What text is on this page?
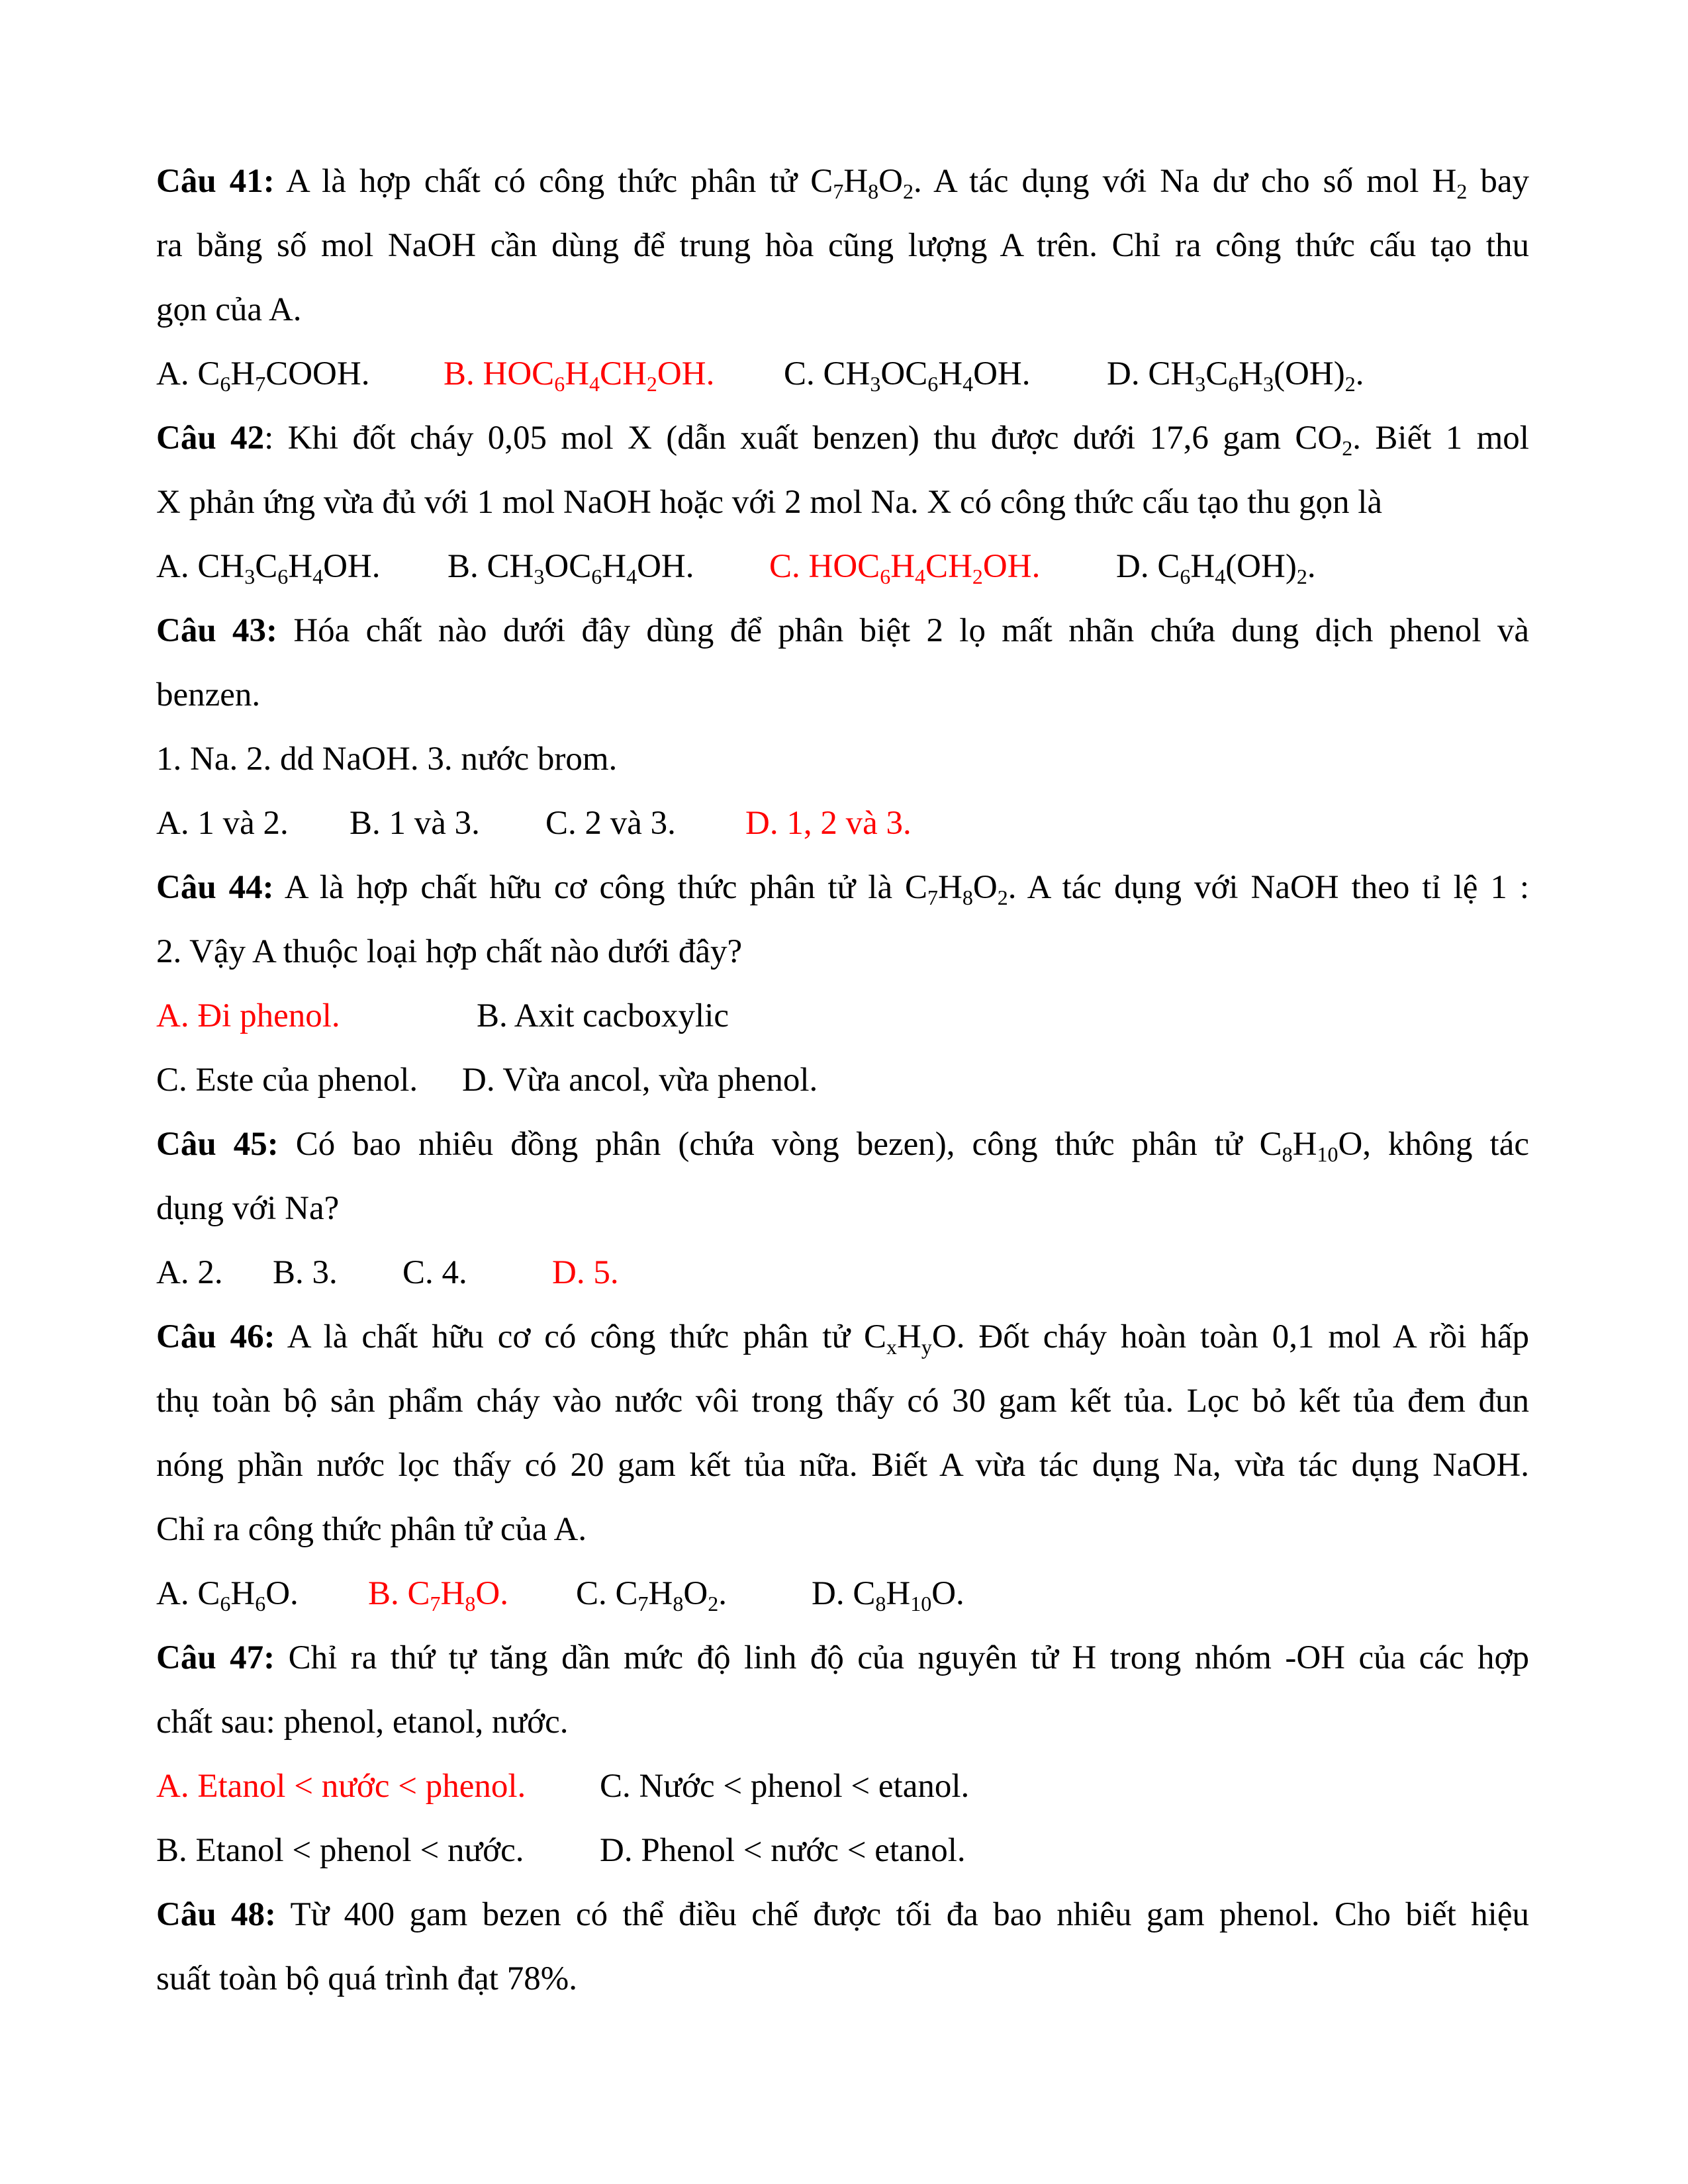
Câu 41: A là hợp chất có công thức phân tử $C_7H_8O_2$. A tác dụng với Na dư cho số mol $H_2$ bay
ra bằng số mol NaOH cần dùng để trung hòa cũng lượng A trên. Chỉ ra công thức cấu tạo thu
gọn của A.
A. $C_6H_7COOH$. B. $HOC_6H_4CH_2OH$. C. $CH_3OC_6H_4OH$. D. $CH_3C_6H_3(OH)_2$.
Câu 42: Khi đốt cháy 0,05 mol X (dẫn xuất benzen) thu được dưới 17,6 gam $CO_2$. Biết 1 mol
X phản ứng vừa đủ với 1 mol NaOH hoặc với 2 mol Na. X có công thức cấu tạo thu gọn là
A. $CH_3C_6H_4OH$. B. $CH_3OC_6H_4OH$. C. $HOC_6H_4CH_2OH$. D. $C_6H_4(OH)_2$.
Câu 43: Hóa chất nào dưới đây dùng để phân biệt 2 lọ mất nhãn chứa dung dịch phenol và
benzen.
1. Na. 2. dd NaOH. 3. nước brom.
A. 1 và 2. B. 1 và 3. C. 2 và 3. D. 1, 2 và 3.
Câu 44: A là hợp chất hữu cơ công thức phân tử là $C_7H_8O_2$. A tác dụng với NaOH theo tỉ lệ 1 :
2. Vậy A thuộc loại hợp chất nào dưới đây?
A. Đi phenol.	B. Axit cacboxylic
C. Este của phenol. D. Vừa ancol, vừa phenol.
Câu 45: Có bao nhiêu đồng phân (chứa vòng bezen), công thức phân tử $C_8H_{10}O$, không tác
dụng với Na?
A. 2. B. 3. C. 4.	D. 5.
Câu 46: A là chất hữu cơ có công thức phân tử $C_xH_yO$. Đốt cháy hoàn toàn 0,1 mol A rồi hấp
thụ toàn bộ sản phẩm cháy vào nước vôi trong thấy có 30 gam kết tủa. Lọc bỏ kết tủa đem đun
nóng phần nước lọc thấy có 20 gam kết tủa nữa. Biết A vừa tác dụng Na, vừa tác dụng NaOH.
Chỉ ra công thức phân tử của A.
A. $C_6H_6O$. B. $C_7H_8O$. C. $C_7H_8O_2$.	D. $C_8H_{10}O$.
Câu 47: Chỉ ra thứ tự tăng dần mức độ linh độ của nguyên tử H trong nhóm -OH của các hợp
chất sau: phenol, etanol, nước.
A. Etanol < nước < phenol. C. Nước < phenol < etanol.
B. Etanol < phenol < nước. D. Phenol < nước < etanol.
Câu 48: Từ 400 gam bezen có thể điều chế được tối đa bao nhiêu gam phenol. Cho biết hiệu
suất toàn bộ quá trình đạt 78%.
